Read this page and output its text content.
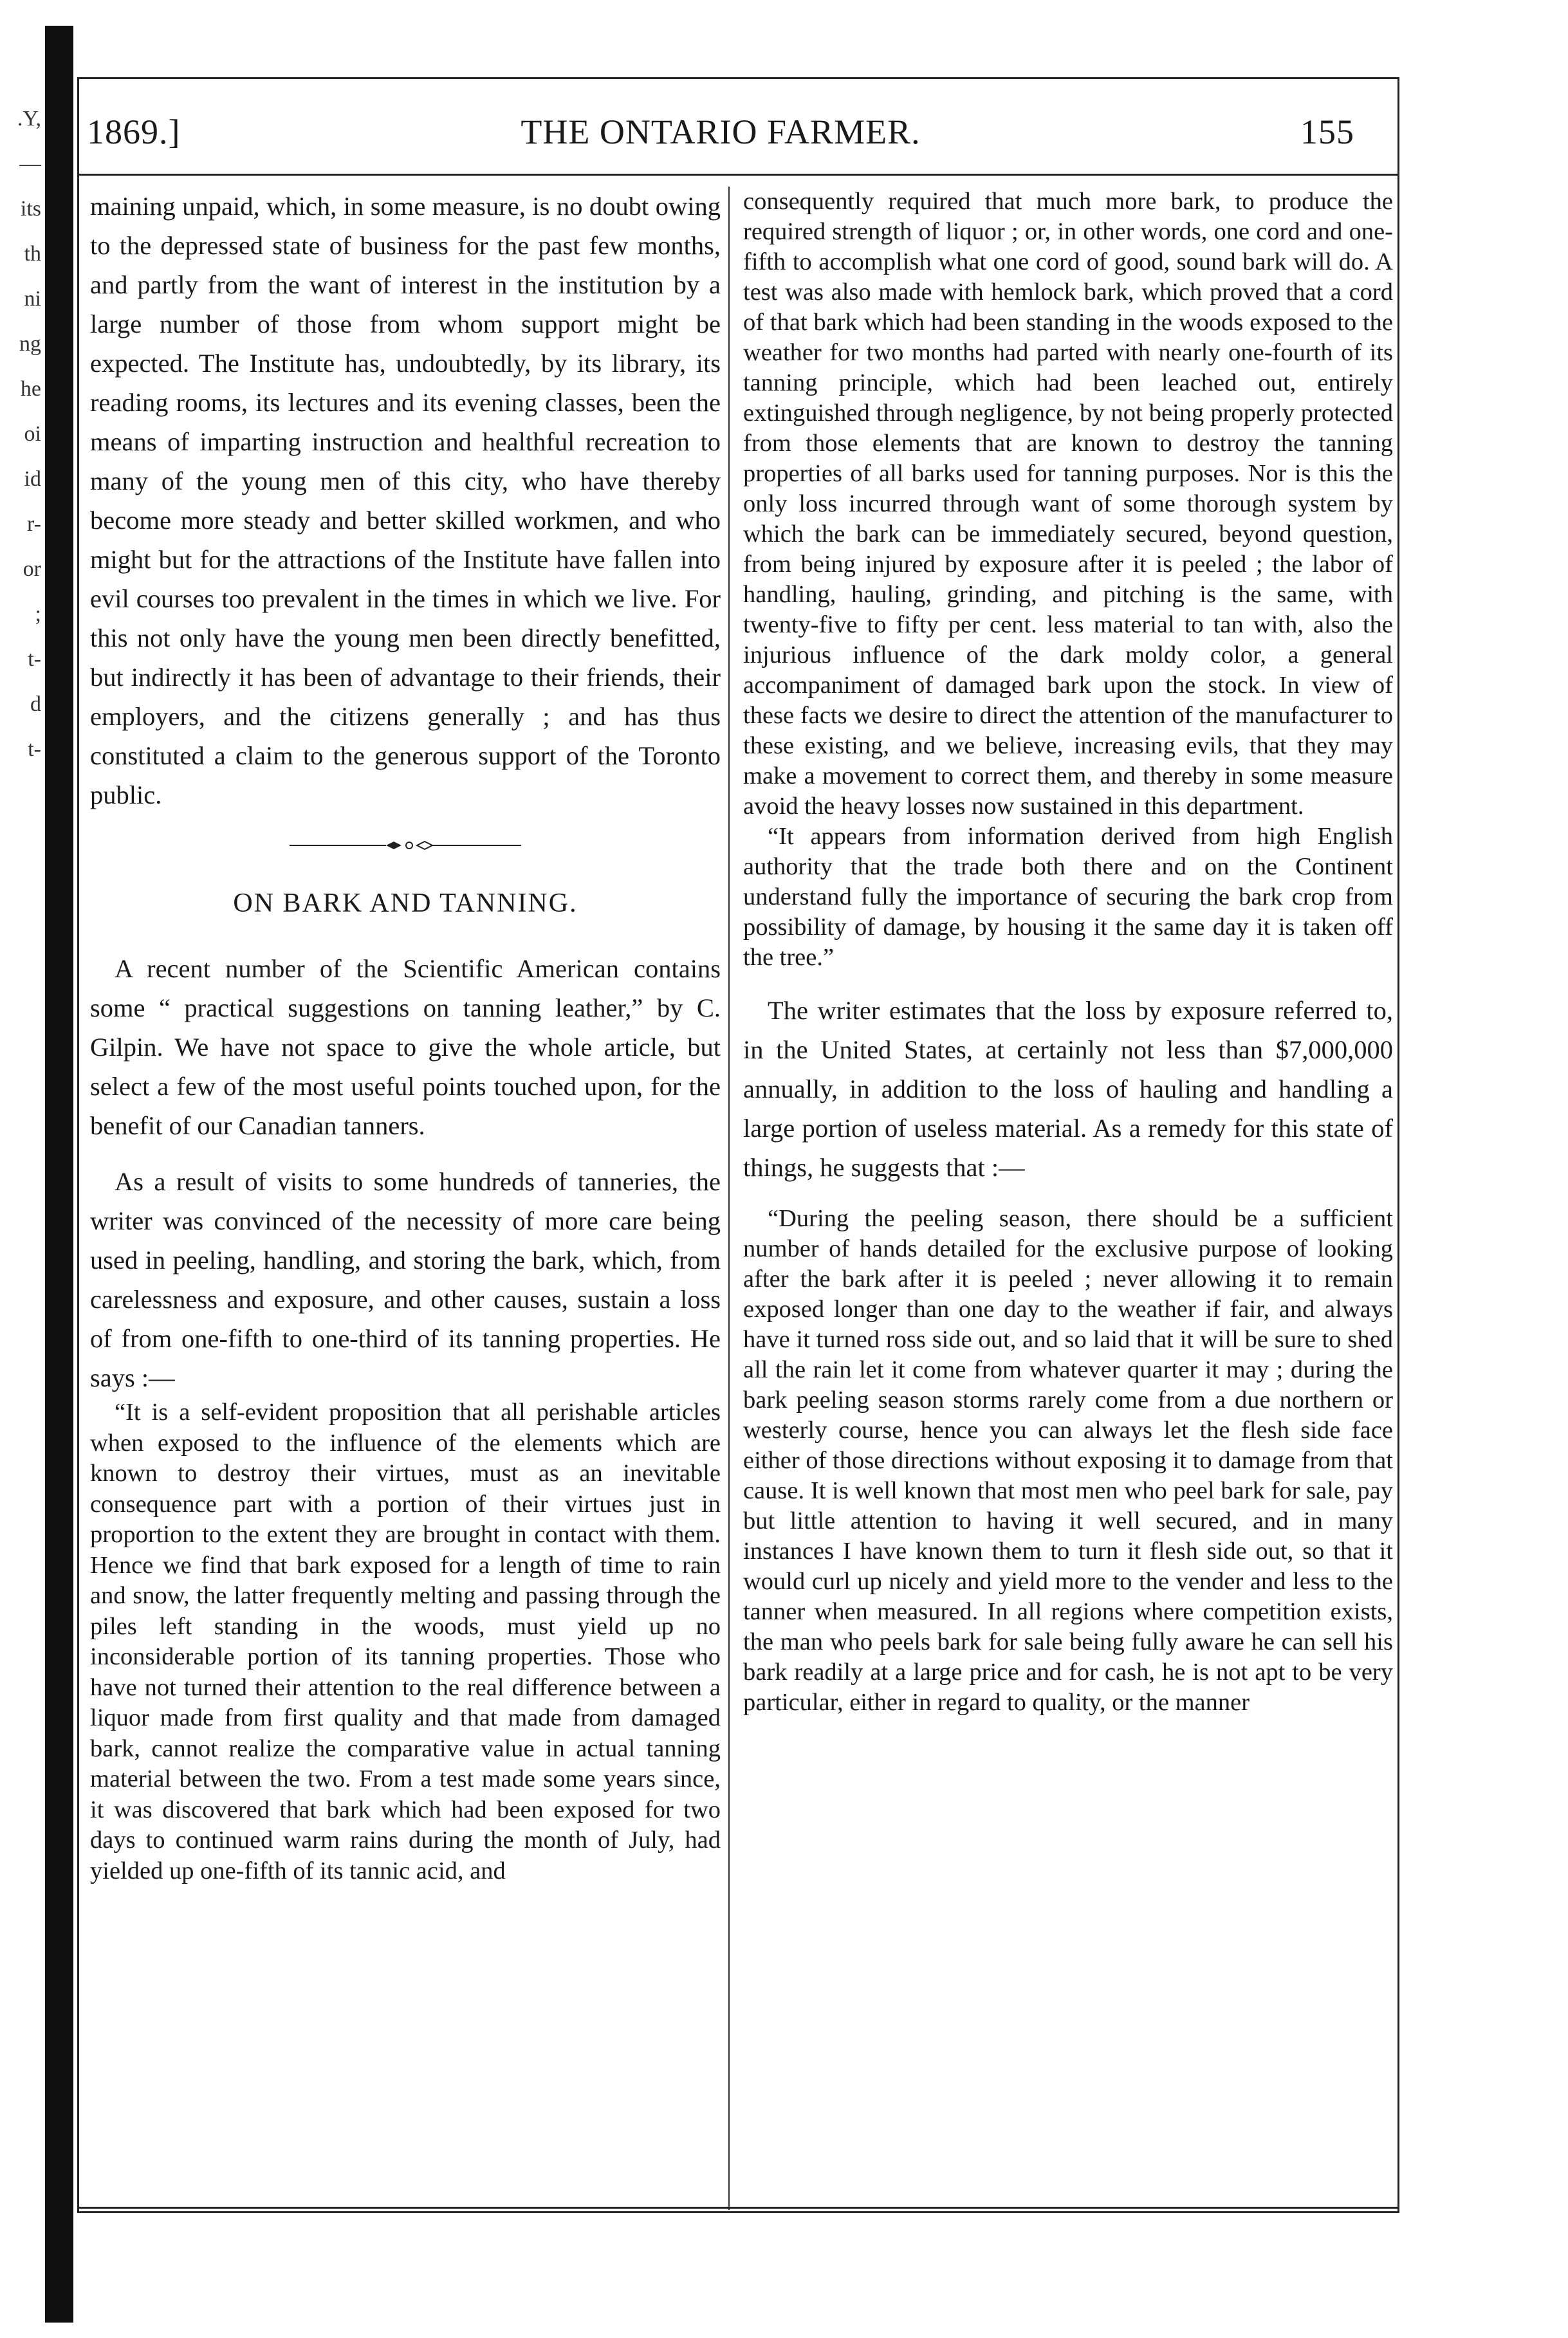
.Y,
—
its
th
ni
ng
he
oi
id
r-
or
;
t-
d
t-
1869.]	THE ONTARIO FARMER.	155

maining unpaid, which, in some measure, is no doubt owing to the depressed state of business for the past few months, and partly from the want of interest in the institution by a large number of those from whom support might be expected. The Institute has, undoubtedly, by its library, its reading rooms, its lectures and its evening classes, been the means of imparting instruction and healthful recreation to many of the young men of this city, who have thereby become more steady and better skilled workmen, and who might but for the attractions of the Institute have fallen into evil courses too prevalent in the times in which we live. For this not only have the young men been directly benefitted, but indirectly it has been of advantage to their friends, their employers, and the citizens generally ; and has thus constituted a claim to the generous support of the Toronto public.

ON BARK AND TANNING.

A recent number of the Scientific American contains some “ practical suggestions on tanning leather,” by C. Gilpin. We have not space to give the whole article, but select a few of the most useful points touched upon, for the benefit of our Canadian tanners.

As a result of visits to some hundreds of tanneries, the writer was convinced of the necessity of more care being used in peeling, handling, and storing the bark, which, from carelessness and exposure, and other causes, sustain a loss of from one-fifth to one-third of its tanning properties. He says :—

“It is a self-evident proposition that all perishable articles when exposed to the influence of the elements which are known to destroy their virtues, must as an inevitable consequence part with a portion of their virtues just in proportion to the extent they are brought in contact with them. Hence we find that bark exposed for a length of time to rain and snow, the latter frequently melting and passing through the piles left standing in the woods, must yield up no inconsiderable portion of its tanning properties. Those who have not turned their attention to the real difference between a liquor made from first quality and that made from damaged bark, cannot realize the comparative value in actual tanning material between the two. From a test made some years since, it was discovered that bark which had been exposed for two days to continued warm rains during the month of July, had yielded up one-fifth of its tannic acid, and

consequently required that much more bark, to produce the required strength of liquor ; or, in other words, one cord and one-fifth to accomplish what one cord of good, sound bark will do. A test was also made with hemlock bark, which proved that a cord of that bark which had been standing in the woods exposed to the weather for two months had parted with nearly one-fourth of its tanning principle, which had been leached out, entirely extinguished through negligence, by not being properly protected from those elements that are known to destroy the tanning properties of all barks used for tanning purposes. Nor is this the only loss incurred through want of some thorough system by which the bark can be immediately secured, beyond question, from being injured by exposure after it is peeled ; the labor of handling, hauling, grinding, and pitching is the same, with twenty-five to fifty per cent. less material to tan with, also the injurious influence of the dark moldy color, a general accompaniment of damaged bark upon the stock. In view of these facts we desire to direct the attention of the manufacturer to these existing, and we believe, increasing evils, that they may make a movement to correct them, and thereby in some measure avoid the heavy losses now sustained in this department.

“It appears from information derived from high English authority that the trade both there and on the Continent understand fully the importance of securing the bark crop from possibility of damage, by housing it the same day it is taken off the tree.”

The writer estimates that the loss by exposure referred to, in the United States, at certainly not less than $7,000,000 annually, in addition to the loss of hauling and handling a large portion of useless material. As a remedy for this state of things, he suggests that :—

“During the peeling season, there should be a sufficient number of hands detailed for the exclusive purpose of looking after the bark after it is peeled ; never allowing it to remain exposed longer than one day to the weather if fair, and always have it turned ross side out, and so laid that it will be sure to shed all the rain let it come from whatever quarter it may ; during the bark peeling season storms rarely come from a due northern or westerly course, hence you can always let the flesh side face either of those directions without exposing it to damage from that cause. It is well known that most men who peel bark for sale, pay but little attention to having it well secured, and in many instances I have known them to turn it flesh side out, so that it would curl up nicely and yield more to the vender and less to the tanner when measured. In all regions where competition exists, the man who peels bark for sale being fully aware he can sell his bark readily at a large price and for cash, he is not apt to be very particular, either in regard to quality, or the manner
